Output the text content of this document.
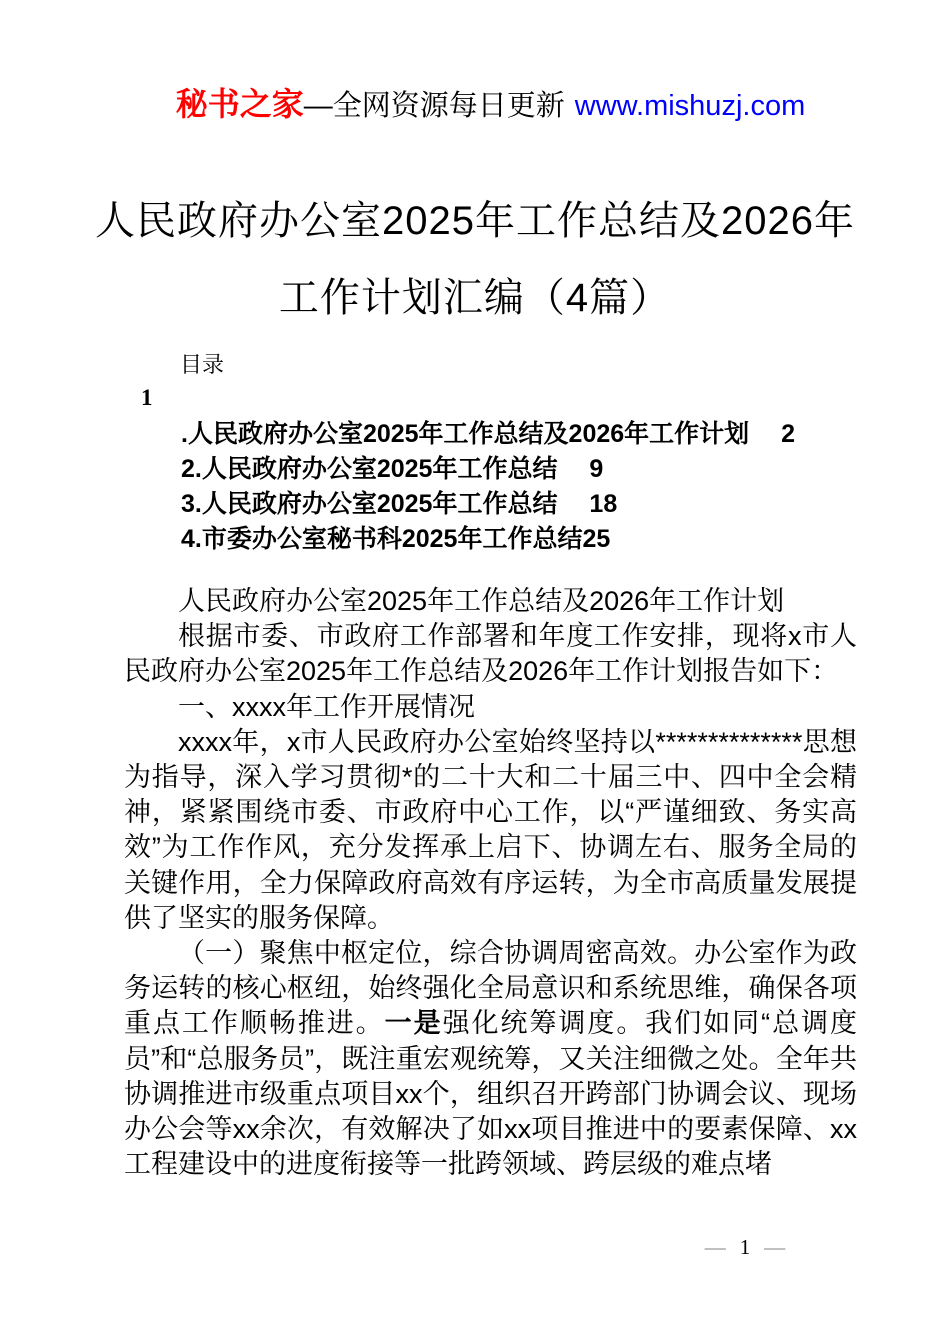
秘书之家—全网资源每日更新 www.mishuzj.com
人民政府办公室2025年工作总结及2026年
工作计划汇编（4篇）
目录
1
.人民政府办公室2025年工作总结及2026年工作计划　 2
2.人民政府办公室2025年工作总结　 9
3.人民政府办公室2025年工作总结　 18
4.市委办公室秘书科2025年工作总结25

人民政府办公室2025年工作总结及2026年工作计划

根据市委、市政府工作部署和年度工作安排，现将x市人民政府办公室2025年工作总结及2026年工作计划报告如下：

一、xxxx年工作开展情况

xxxx年，x市人民政府办公室始终坚持以**************思想为指导，深入学习贯彻*的二十大和二十届三中、四中全会精神，紧紧围绕市委、市政府中心工作，以“严谨细致、务实高效”为工作作风，充分发挥承上启下、协调左右、服务全局的关键作用，全力保障政府高效有序运转，为全市高质量发展提供了坚实的服务保障。

（一）聚焦中枢定位，综合协调周密高效。办公室作为政务运转的核心枢纽，始终强化全局意识和系统思维，确保各项重点工作顺畅推进。一是强化统筹调度。我们如同“总调度员”和“总服务员”，既注重宏观统筹，又关注细微之处。全年共协调推进市级重点项目xx个，组织召开跨部门协调会议、现场办公会等xx余次，有效解决了如xx项目推进中的要素保障、xx工程建设中的进度衔接等一批跨领域、跨层级的难点堵

— 1 —
